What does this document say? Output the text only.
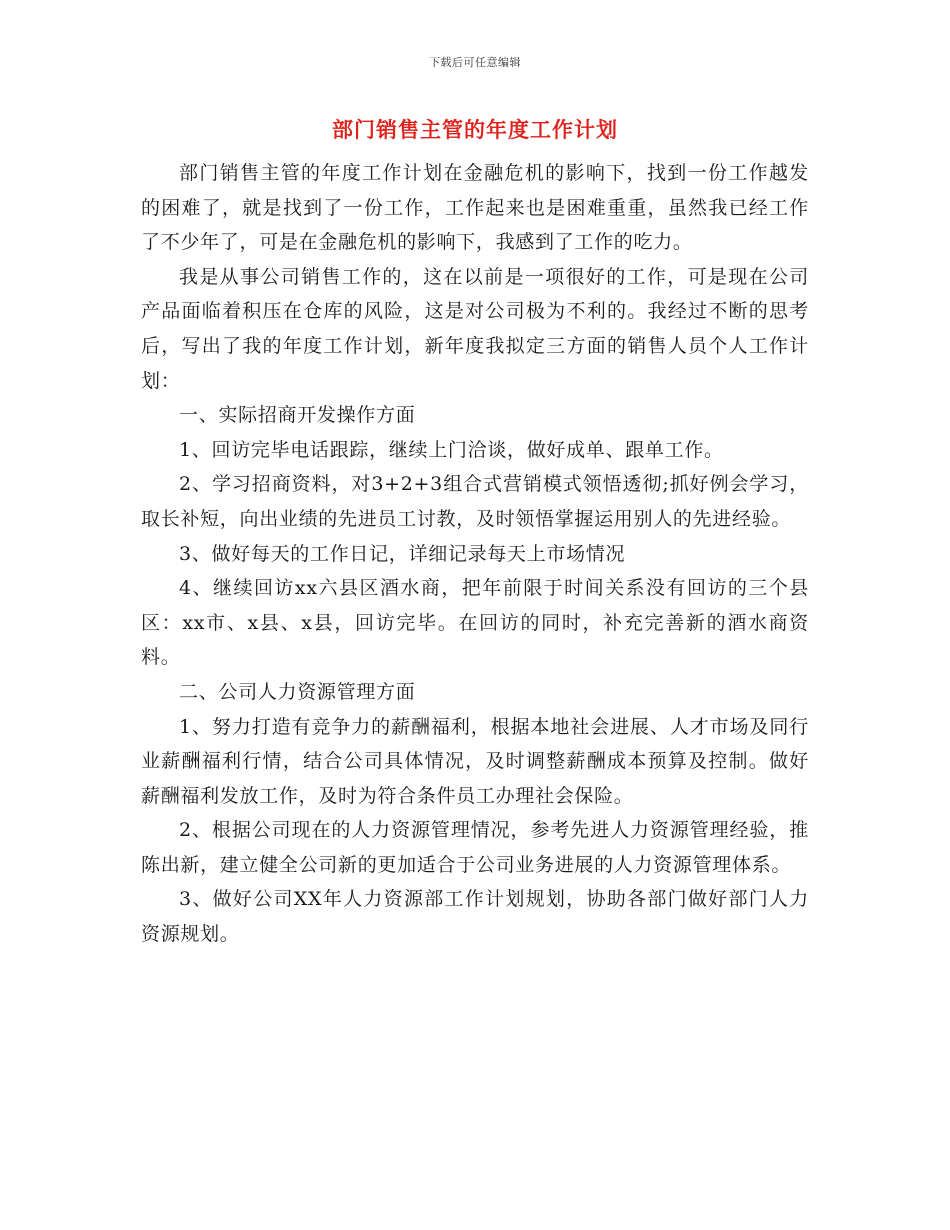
下载后可任意编辑
部门销售主管的年度工作计划

部门销售主管的年度工作计划在金融危机的影响下，找到一份工作越发的困难了，就是找到了一份工作，工作起来也是困难重重，虽然我已经工作了不少年了，可是在金融危机的影响下，我感到了工作的吃力。

我是从事公司销售工作的，这在以前是一项很好的工作，可是现在公司产品面临着积压在仓库的风险，这是对公司极为不利的。我经过不断的思考后，写出了我的年度工作计划，新年度我拟定三方面的销售人员个人工作计划：

一、实际招商开发操作方面

1、回访完毕电话跟踪，继续上门洽谈，做好成单、跟单工作。

2、学习招商资料，对3+2+3组合式营销模式领悟透彻;抓好例会学习，取长补短，向出业绩的先进员工讨教，及时领悟掌握运用别人的先进经验。

3、做好每天的工作日记，详细记录每天上市场情况

4、继续回访xx六县区酒水商，把年前限于时间关系没有回访的三个县区：xx市、x县、x县，回访完毕。在回访的同时，补充完善新的酒水商资料。

二、公司人力资源管理方面

1、努力打造有竞争力的薪酬福利，根据本地社会进展、人才市场及同行业薪酬福利行情，结合公司具体情况，及时调整薪酬成本预算及控制。做好薪酬福利发放工作，及时为符合条件员工办理社会保险。

2、根据公司现在的人力资源管理情况，参考先进人力资源管理经验，推陈出新，建立健全公司新的更加适合于公司业务进展的人力资源管理体系。

3、做好公司XX年人力资源部工作计划规划，协助各部门做好部门人力资源规划。
